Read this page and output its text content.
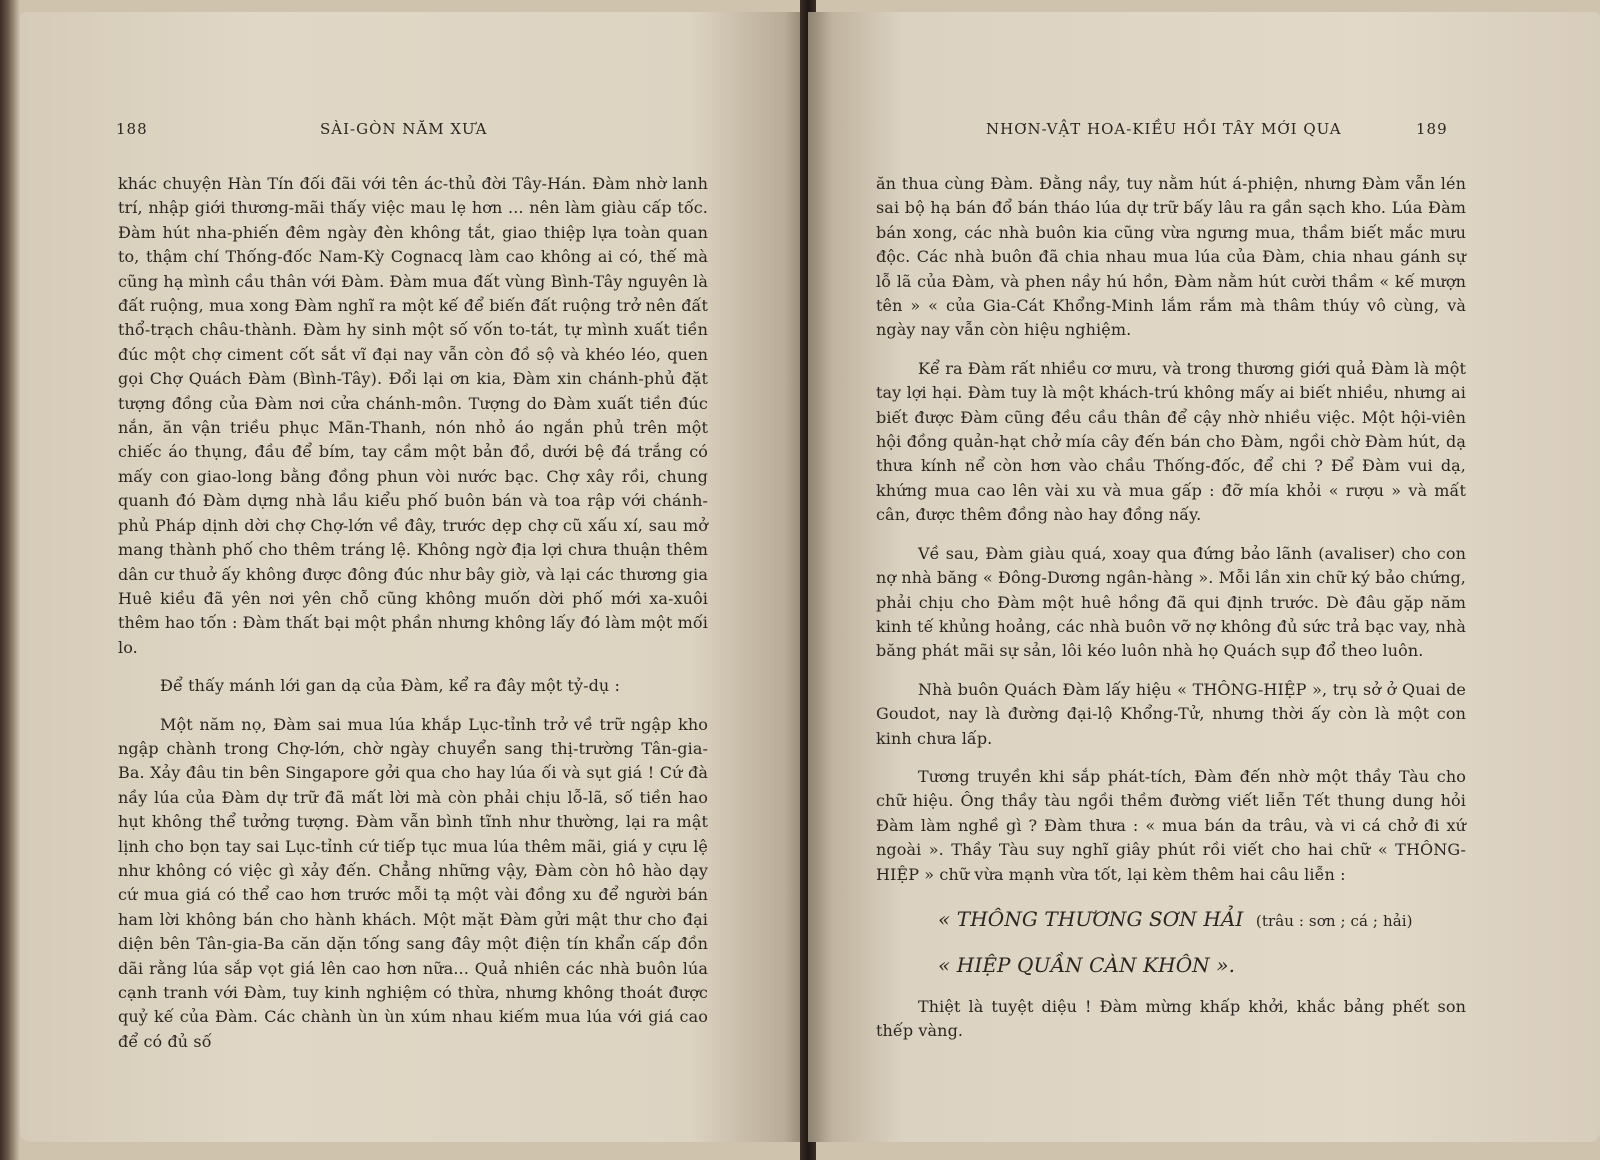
188	SÀI-GÒN NĂM XƯA

khác chuyện Hàn Tín đối đãi với tên ác-thủ đời Tây-Hán. Đàm nhờ lanh trí, nhập giới thương-mãi thấy việc mau lẹ hơn ... nên làm giàu cấp tốc. Đàm hút nha-phiến đêm ngày đèn không tắt, giao thiệp lựa toàn quan to, thậm chí Thống-đốc Nam-Kỳ Cognacq làm cao không ai có, thế mà cũng hạ mình cầu thân với Đàm. Đàm mua đất vùng Bình-Tây nguyên là đất ruộng, mua xong Đàm nghĩ ra một kế để biến đất ruộng trở nên đất thổ-trạch châu-thành. Đàm hy sinh một số vốn to-tát, tự mình xuất tiền đúc một chợ ciment cốt sắt vĩ đại nay vẫn còn đồ sộ và khéo léo, quen gọi Chợ Quách Đàm (Bình-Tây). Đổi lại ơn kia, Đàm xin chánh-phủ đặt tượng đồng của Đàm nơi cửa chánh-môn. Tượng do Đàm xuất tiền đúc nắn, ăn vận triều phục Mãn-Thanh, nón nhỏ áo ngắn phủ trên một chiếc áo thụng, đầu để bím, tay cầm một bản đồ, dưới bệ đá trắng có mấy con giao-long bằng đồng phun vòi nước bạc. Chợ xây rồi, chung quanh đó Đàm dựng nhà lầu kiểu phố buôn bán và toa rập với chánh-phủ Pháp dịnh dời chợ Chợ-lớn về đây, trước dẹp chợ cũ xấu xí, sau mở mang thành phố cho thêm tráng lệ. Không ngờ địa lợi chưa thuận thêm dân cư thuở ấy không được đông đúc như bây giờ, và lại các thương gia Huê kiều đã yên nơi yên chỗ cũng không muốn dời phố mới xa-xuôi thêm hao tốn : Đàm thất bại một phần nhưng không lấy đó làm một mối lo.

Để thấy mánh lới gan dạ của Đàm, kể ra đây một tỷ-dụ :

Một năm nọ, Đàm sai mua lúa khắp Lục-tỉnh trở về trữ ngập kho ngập chành trong Chợ-lớn, chờ ngày chuyển sang thị-trường Tân-gia-Ba. Xảy đâu tin bên Singapore gởi qua cho hay lúa ối và sụt giá ! Cứ đà nầy lúa của Đàm dự trữ đã mất lời mà còn phải chịu lỗ-lã, số tiền hao hụt không thể tưởng tượng. Đàm vẫn bình tĩnh như thường, lại ra mật lịnh cho bọn tay sai Lục-tỉnh cứ tiếp tục mua lúa thêm mãi, giá y cựu lệ như không có việc gì xảy đến. Chẳng những vậy, Đàm còn hô hào dạy cứ mua giá có thể cao hơn trước mỗi tạ một vài đồng xu để người bán ham lời không bán cho hành khách. Một mặt Đàm gửi mật thư cho đại diện bên Tân-gia-Ba căn dặn tống sang đây một điện tín khẩn cấp đồn dãi rằng lúa sắp vọt giá lên cao hơn nữa... Quả nhiên các nhà buôn lúa cạnh tranh với Đàm, tuy kinh nghiệm có thừa, nhưng không thoát được quỷ kế của Đàm. Các chành ùn ùn xúm nhau kiếm mua lúa với giá cao để có đủ số

NHƠN-VẬT HOA-KIỀU HỒI TÂY MỚI QUA	189

ăn thua cùng Đàm. Đằng nầy, tuy nằm hút á-phiện, nhưng Đàm vẫn lén sai bộ hạ bán đổ bán tháo lúa dự trữ bấy lâu ra gần sạch kho. Lúa Đàm bán xong, các nhà buôn kia cũng vừa ngưng mua, thầm biết mắc mưu độc. Các nhà buôn đã chia nhau mua lúa của Đàm, chia nhau gánh sự lỗ lã của Đàm, và phen nầy hú hồn, Đàm nằm hút cười thầm « kế mượn tên » « của Gia-Cát Khổng-Minh lắm rắm mà thâm thúy vô cùng, và ngày nay vẫn còn hiệu nghiệm.

Kể ra Đàm rất nhiều cơ mưu, và trong thương giới quả Đàm là một tay lợi hại. Đàm tuy là một khách-trú không mấy ai biết nhiều, nhưng ai biết được Đàm cũng đều cầu thân để cậy nhờ nhiều việc. Một hội-viên hội đồng quản-hạt chở mía cây đến bán cho Đàm, ngồi chờ Đàm hút, dạ thưa kính nể còn hơn vào chầu Thống-đốc, để chi ? Để Đàm vui dạ, khứng mua cao lên vài xu và mua gấp : đỡ mía khỏi « rượu » và mất cân, được thêm đồng nào hay đồng nấy.

Về sau, Đàm giàu quá, xoay qua đứng bảo lãnh (avaliser) cho con nợ nhà băng « Đông-Dương ngân-hàng ». Mỗi lần xin chữ ký bảo chứng, phải chịu cho Đàm một huê hồng đã qui định trước. Dè đâu gặp năm kinh tế khủng hoảng, các nhà buôn vỡ nợ không đủ sức trả bạc vay, nhà băng phát mãi sự sản, lôi kéo luôn nhà họ Quách sụp đổ theo luôn.

Nhà buôn Quách Đàm lấy hiệu « THÔNG-HIỆP », trụ sở ở Quai de Goudot, nay là đường đại-lộ Khổng-Tử, nhưng thời ấy còn là một con kinh chưa lấp.

Tương truyền khi sắp phát-tích, Đàm đến nhờ một thầy Tàu cho chữ hiệu. Ông thầy tàu ngồi thềm đường viết liễn Tết thung dung hỏi Đàm làm nghề gì ? Đàm thưa : « mua bán da trâu, và vi cá chở đi xứ ngoài ». Thầy Tàu suy nghĩ giây phút rồi viết cho hai chữ « THÔNG-HIỆP » chữ vừa mạnh vừa tốt, lại kèm thêm hai câu liễn :

« THÔNG THƯƠNG SƠN HẢI (trâu : sơn ; cá ; hải)
« HIỆP QUẦN CÀN KHÔN ».

Thiệt là tuyệt diệu ! Đàm mừng khấp khởi, khắc bảng phết son thếp vàng.
